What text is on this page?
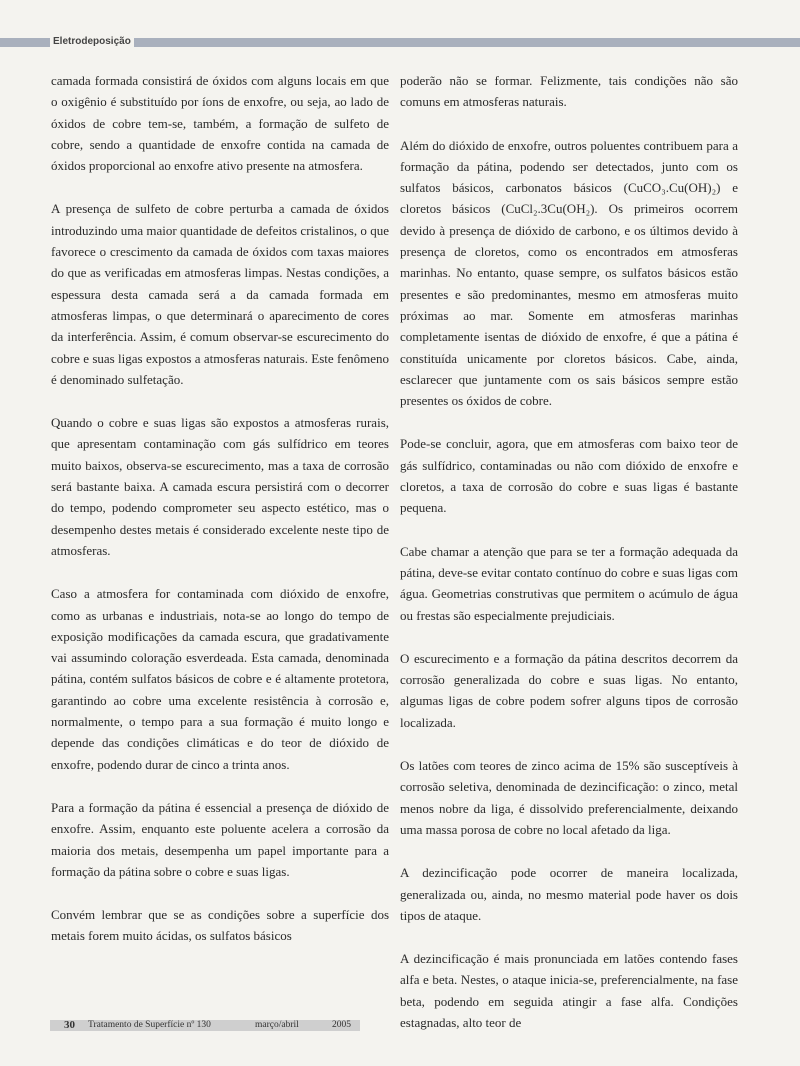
Eletrodeposição

camada formada consistirá de óxidos com alguns locais em que o oxigênio é substituído por íons de enxofre, ou seja, ao lado de óxidos de cobre tem-se, também, a formação de sulfeto de cobre, sendo a quantidade de enxofre contida na camada de óxidos proporcional ao enxofre ativo presente na atmosfera.

A presença de sulfeto de cobre perturba a camada de óxidos introduzindo uma maior quantidade de defeitos cristalinos, o que favorece o crescimento da camada de óxidos com taxas maiores do que as verificadas em atmosferas limpas. Nestas condições, a espessura desta camada será a da camada formada em atmosferas limpas, o que determinará o aparecimento de cores da interferência. Assim, é comum observar-se escurecimento do cobre e suas ligas expostos a atmosferas naturais. Este fenômeno é denominado sulfetação.

Quando o cobre e suas ligas são expostos a atmosferas rurais, que apresentam contaminação com gás sulfídrico em teores muito baixos, observa-se escurecimento, mas a taxa de corrosão será bastante baixa. A camada escura persistirá com o decorrer do tempo, podendo comprometer seu aspecto estético, mas o desempenho destes metais é considerado excelente neste tipo de atmosferas.

Caso a atmosfera for contaminada com dióxido de enxofre, como as urbanas e industriais, nota-se ao longo do tempo de exposição modificações da camada escura, que gradativamente vai assumindo coloração esverdeada. Esta camada, denominada pátina, contém sulfatos básicos de cobre e é altamente protetora, garantindo ao cobre uma excelente resistência à corrosão e, normalmente, o tempo para a sua formação é muito longo e depende das condições climáticas e do teor de dióxido de enxofre, podendo durar de cinco a trinta anos.

Para a formação da pátina é essencial a presença de dióxido de enxofre. Assim, enquanto este poluente acelera a corrosão da maioria dos metais, desempenha um papel importante para a formação da pátina sobre o cobre e suas ligas.

Convém lembrar que se as condições sobre a superfície dos metais forem muito ácidas, os sulfatos básicos

poderão não se formar. Felizmente, tais condições não são comuns em atmosferas naturais.

Além do dióxido de enxofre, outros poluentes contribuem para a formação da pátina, podendo ser detectados, junto com os sulfatos básicos, carbonatos básicos (CuCO₃.Cu(OH)₂) e cloretos básicos (CuCl₂.3Cu(OH₂). Os primeiros ocorrem devido à presença de dióxido de carbono, e os últimos devido à presença de cloretos, como os encontrados em atmosferas marinhas. No entanto, quase sempre, os sulfatos básicos estão presentes e são predominantes, mesmo em atmosferas muito próximas ao mar. Somente em atmosferas marinhas completamente isentas de dióxido de enxofre, é que a pátina é constituída unicamente por cloretos básicos. Cabe, ainda, esclarecer que juntamente com os sais básicos sempre estão presentes os óxidos de cobre.

Pode-se concluir, agora, que em atmosferas com baixo teor de gás sulfídrico, contaminadas ou não com dióxido de enxofre e cloretos, a taxa de corrosão do cobre e suas ligas é bastante pequena.

Cabe chamar a atenção que para se ter a formação adequada da pátina, deve-se evitar contato contínuo do cobre e suas ligas com água. Geometrias construtivas que permitem o acúmulo de água ou frestas são especialmente prejudiciais.

O escurecimento e a formação da pátina descritos decorrem da corrosão generalizada do cobre e suas ligas. No entanto, algumas ligas de cobre podem sofrer alguns tipos de corrosão localizada.

Os latões com teores de zinco acima de 15% são susceptíveis à corrosão seletiva, denominada de dezincificação: o zinco, metal menos nobre da liga, é dissolvido preferencialmente, deixando uma massa porosa de cobre no local afetado da liga.

A dezincificação pode ocorrer de maneira localizada, generalizada ou, ainda, no mesmo material pode haver os dois tipos de ataque.

A dezincificação é mais pronunciada em latões contendo fases alfa e beta. Nestes, o ataque inicia-se, preferencialmente, na fase beta, podendo em seguida atingir a fase alfa. Condições estagnadas, alto teor de

30 Tratamento de Superfície nº 130	março/abril	2005
